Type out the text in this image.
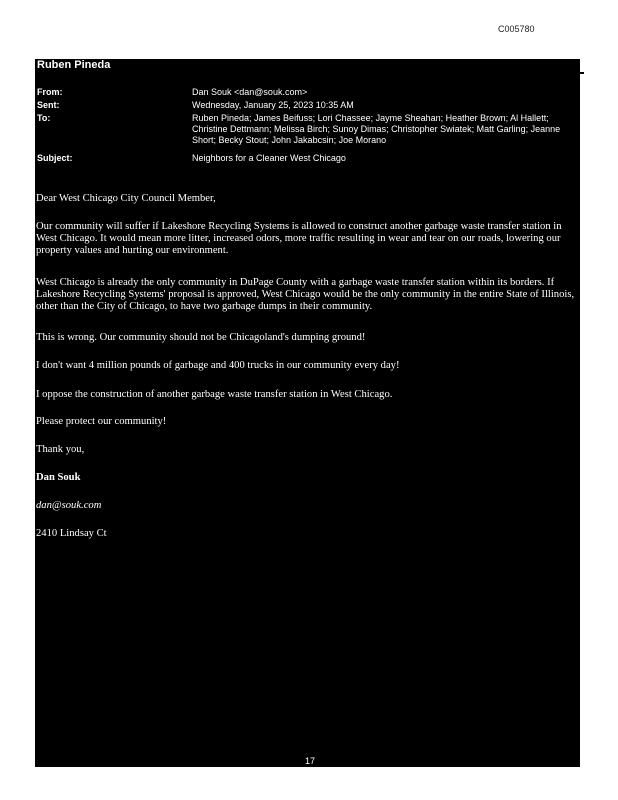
C005780
Ruben Pineda
From:	Dan Souk <dan@souk.com>
Sent:	Wednesday, January 25, 2023 10:35 AM
To:	Ruben Pineda; James Beifuss; Lori Chassee; Jayme Sheahan; Heather Brown; Al Hallett; Christine Dettmann; Melissa Birch; Sunoy Dimas; Christopher Swiatek; Matt Garling; Jeanne Short; Becky Stout; John Jakabcsin; Joe Morano
Subject:	Neighbors for a Cleaner West Chicago
Dear West Chicago City Council Member,
Our community will suffer if Lakeshore Recycling Systems is allowed to construct another garbage waste transfer station in West Chicago. It would mean more litter, increased odors, more traffic resulting in wear and tear on our roads, lowering our property values and hurting our environment.
West Chicago is already the only community in DuPage County with a garbage waste transfer station within its borders. If Lakeshore Recycling Systems' proposal is approved, West Chicago would be the only community in the entire State of Illinois, other than the City of Chicago, to have two garbage dumps in their community.
This is wrong. Our community should not be Chicagoland's dumping ground!
I don't want 4 million pounds of garbage and 400 trucks in our community every day!
I oppose the construction of another garbage waste transfer station in West Chicago.
Please protect our community!
Thank you,
Dan Souk
dan@souk.com
2410 Lindsay Ct
17
